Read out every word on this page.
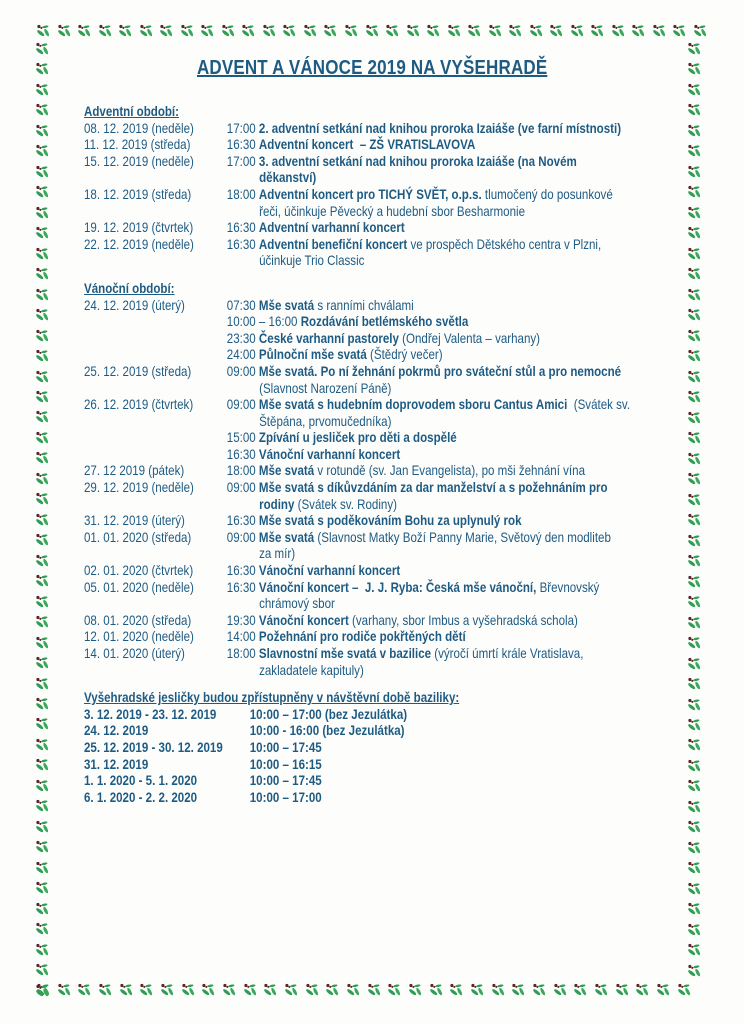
ADVENT A VÁNOCE 2019 NA VYŠEHRADĚ
Adventní období:
08. 12. 2019 (neděle)	17:00 2. adventní setkání nad knihou proroka Izaiáše (ve farní místnosti)
11. 12. 2019 (středa)	16:30 Adventní koncert  – ZŠ VRATISLAVOVA
15. 12. 2019 (neděle)	17:00 3. adventní setkání nad knihou proroka Izaiáše (na Novém
děkanství)
18. 12. 2019 (středa)	18:00 Adventní koncert pro TICHÝ SVĚT, o.p.s. tlumočený do posunkové
řeči, účinkuje Pěvecký a hudební sbor Besharmonie
19. 12. 2019 (čtvrtek)	16:30 Adventní varhanní koncert
22. 12. 2019 (neděle)	16:30 Adventní benefiční koncert ve prospěch Dětského centra v Plzni,
účinkuje Trio Classic
Vánoční období:
24. 12. 2019 (úterý)	07:30 Mše svatá s ranními chválami
10:00 – 16:00 Rozdávání betlémského světla
23:30 České varhanní pastorely (Ondřej Valenta – varhany)
24:00 Půlnoční mše svatá (Štědrý večer)
25. 12. 2019 (středa)	09:00 Mše svatá. Po ní žehnání pokrmů pro sváteční stůl a pro nemocné
(Slavnost Narození Páně)
26. 12. 2019 (čtvrtek)	09:00 Mše svatá s hudebním doprovodem sboru Cantus Amici  (Svátek sv.
Štěpána, prvomučedníka)
15:00 Zpívání u jesliček pro děti a dospělé
16:30 Vánoční varhanní koncert
27. 12 2019 (pátek)	18:00 Mše svatá v rotundě (sv. Jan Evangelista), po mši žehnání vína
29. 12. 2019 (neděle)	09:00 Mše svatá s díkůvzdáním za dar manželství a s požehnáním pro
rodiny (Svátek sv. Rodiny)
31. 12. 2019 (úterý)	16:30 Mše svatá s poděkováním Bohu za uplynulý rok
01. 01. 2020 (středa)	09:00 Mše svatá (Slavnost Matky Boží Panny Marie, Světový den modliteb
za mír)
02. 01. 2020 (čtvrtek)	16:30 Vánoční varhanní koncert
05. 01. 2020 (neděle)	16:30 Vánoční koncert –  J. J. Ryba: Česká mše vánoční, Břevnovský
chrámový sbor
08. 01. 2020 (středa)	19:30 Vánoční koncert (varhany, sbor Imbus a vyšehradská schola)
12. 01. 2020 (neděle)	14:00 Požehnání pro rodiče pokřtěných dětí
14. 01. 2020 (úterý)	18:00 Slavnostní mše svatá v bazilice (výročí úmrtí krále Vratislava,
zakladatele kapituly)
Vyšehradské jesličky budou zpřístupněny v návštěvní době baziliky:
3. 12. 2019 - 23. 12. 2019	10:00 – 17:00 (bez Jezulátka)
24. 12. 2019	10:00 - 16:00 (bez Jezulátka)
25. 12. 2019 - 30. 12. 2019	10:00 – 17:45
31. 12. 2019	10:00 – 16:15
1. 1. 2020 - 5. 1. 2020	10:00 – 17:45
6. 1. 2020 - 2. 2. 2020	10:00 – 17:00
